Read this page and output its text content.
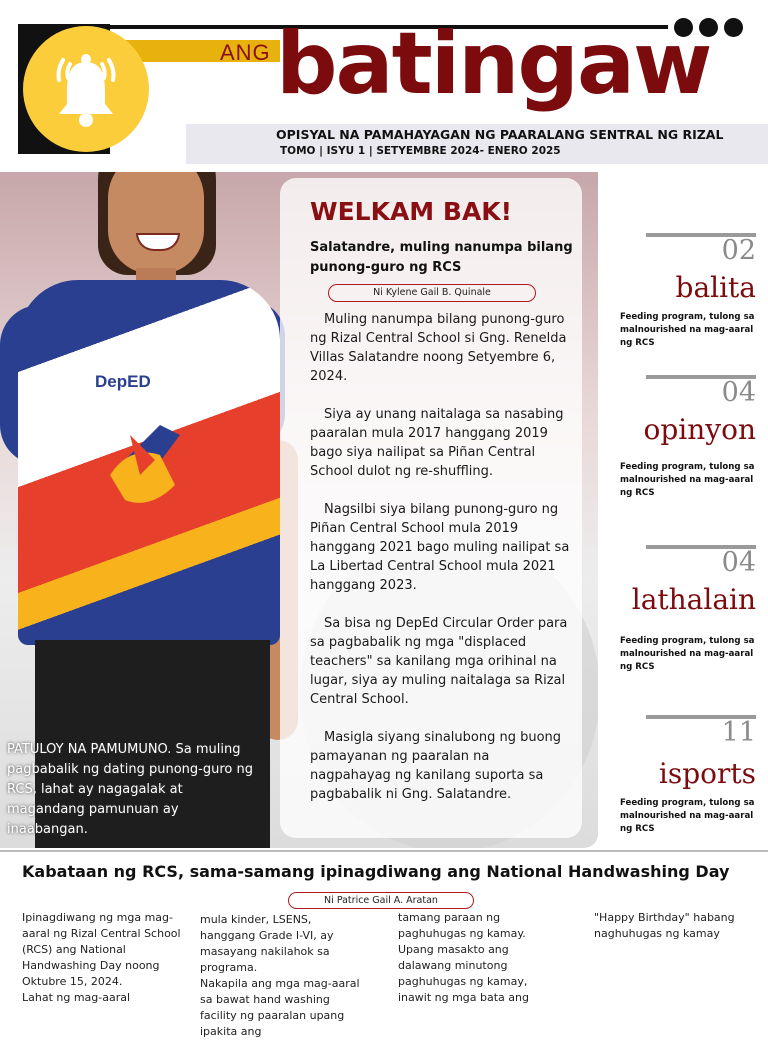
ANG batingaw
OPISYAL NA PAMAHAYAGAN NG PAARALANG SENTRAL NG RIZAL
TOMO | ISYU 1 | SETYEMBRE 2024- ENERO 2025
DepED
PATULOY NA PAMUMUNO. Sa muling pagbabalik ng dating punong-guro ng RCS, lahat ay nagagalak at magandang pamunuan ay inaabangan.
WELKAM BAK!
Salatandre, muling nanumpa bilang punong-guro ng RCS
Ni Kylene Gail B. Quinale

Muling nanumpa bilang punong-guro ng Rizal Central School si Gng. Renelda Villas Salatandre noong Setyembre 6, 2024.

Siya ay unang naitalaga sa nasabing paaralan mula 2017 hanggang 2019 bago siya nailipat sa Piñan Central School dulot ng re-shuffling.

Nagsilbi siya bilang punong-guro ng Piñan Central School mula 2019 hanggang 2021 bago muling nailipat sa La Libertad Central School mula 2021 hanggang 2023.

Sa bisa ng DepEd Circular Order para sa pagbabalik ng mga "displaced teachers" sa kanilang mga orihinal na lugar, siya ay muling naitalaga sa Rizal Central School.

Masigla siyang sinalubong ng buong pamayanan ng paaralan na nagpahayag ng kanilang suporta sa pagbabalik ni Gng. Salatandre.

02
balita
Feeding program, tulong sa malnourished na mag-aaral ng RCS
04
opinyon
Feeding program, tulong sa malnourished na mag-aaral ng RCS
04
lathalain
Feeding program, tulong sa malnourished na mag-aaral ng RCS
11
isports
Feeding program, tulong sa malnourished na mag-aaral ng RCS
Kabataan ng RCS, sama-samang ipinagdiwang ang National Handwashing Day
Ni Patrice Gail A. Aratan
Ipinagdiwang ng mga mag-aaral ng Rizal Central School (RCS) ang National Handwashing Day noong Oktubre 15, 2024.
Lahat ng mag-aaral
mula kinder, LSENS, hanggang Grade I-VI, ay masayang nakilahok sa programa.
Nakapila ang mga mag-aaral sa bawat hand washing facility ng paaralan upang ipakita ang
tamang paraan ng paghuhugas ng kamay.
Upang masakto ang dalawang minutong paghuhugas ng kamay, inawit ng mga bata ang
"Happy Birthday" habang naghuhugas ng kamay
